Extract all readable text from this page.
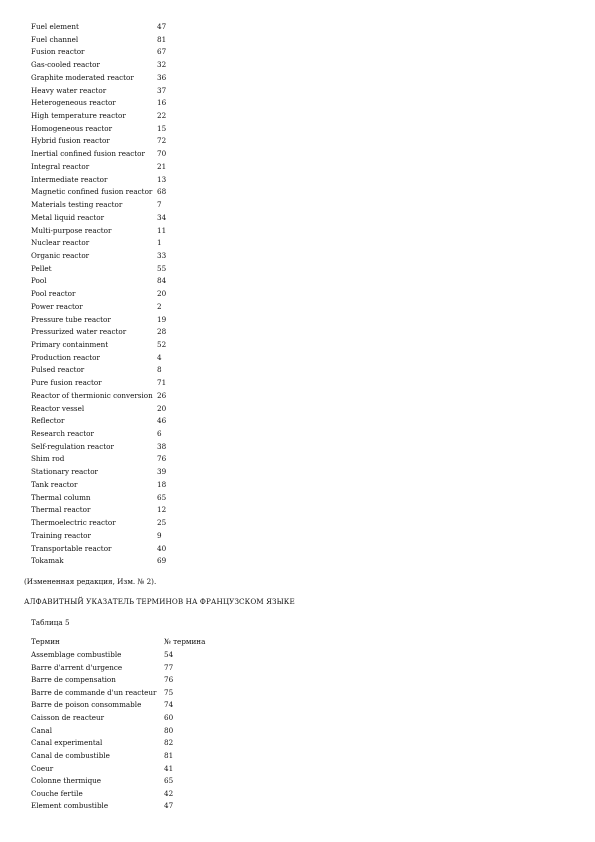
Fuel element	47
Fuel channel	81
Fusion reactor	67
Gas-cooled reactor	32
Graphite moderated reactor	36
Heavy water reactor	37
Heterogeneous reactor	16
High temperature reactor	22
Homogeneous reactor	15
Hybrid fusion reactor	72
Inertial confined fusion reactor 70
Integral reactor	21
Intermediate reactor	13
Magnetic confined fusion reactor 68
Materials testing reactor	7
Metal liquid reactor	34
Multi-purpose reactor	11
Nuclear reactor	1
Organic reactor	33
Pellet	55
Pool	84
Pool reactor	20
Power reactor	2
Pressure tube reactor	19
Pressurized water reactor	28
Primary containment	52
Production reactor	4
Pulsed reactor	8
Pure fusion reactor	71
Reactor of thermionic conversion 26
Reactor vessel	20
Reflector	46
Research reactor	6
Self-regulation reactor	38
Shim rod	76
Stationary reactor	39
Tank reactor	18
Thermal column	65
Thermal reactor	12
Thermoelectric reactor	25
Training reactor	9
Transportable reactor	40
Tokamak	69
(Измененная редакция, Изм. № 2).
АЛФАВИТНЫЙ УКАЗАТЕЛЬ ТЕРМИНОВ НА ФРАНЦУЗСКОМ ЯЗЫКЕ
Таблица 5
Термин	№ термина
Assemblage combustible	54
Barre d'arrent d'urgence	77
Barre de compensation	76
Barre de commande d'un reacteur 75
Barre de poison consommable	74
Caisson de reacteur	60
Canal	80
Canal experimental	82
Canal de combustible	81
Coeur	41
Colonne thermique	65
Couche fertile	42
Element combustible	47
